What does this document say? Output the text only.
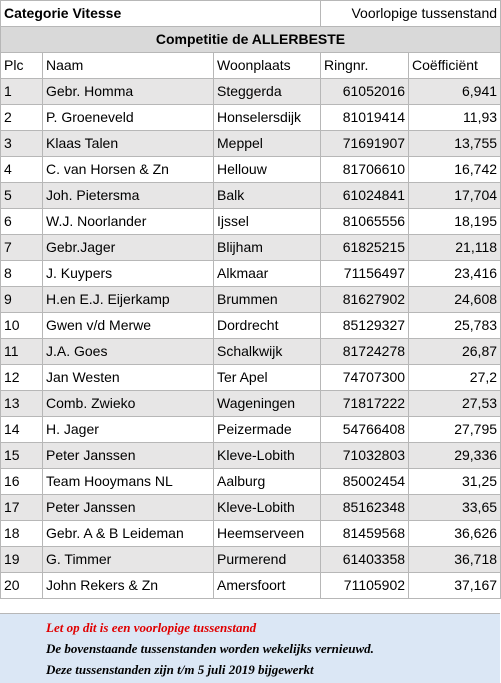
Categorie Vitesse			Voorlopige tussenstand	
Competitie de ALLERBESTE				
Plc	Naam	Woonplaats	Ringnr.	Coëfficiënt
1	Gebr. Homma	Steggerda	61052016	6,941
2	P. Groeneveld	Honselersdijk	81019414	11,93
3	Klaas Talen	Meppel	71691907	13,755
4	C. van Horsen & Zn	Hellouw	81706610	16,742
5	Joh. Pietersma	Balk	61024841	17,704
6	W.J. Noorlander	Ijssel	81065556	18,195
7	Gebr.Jager	Blijham	61825215	21,118
8	J. Kuypers	Alkmaar	71156497	23,416
9	H.en E.J. Eijerkamp	Brummen	81627902	24,608
10	Gwen v/d Merwe	Dordrecht	85129327	25,783
11	J.A. Goes	Schalkwijk	81724278	26,87
12	Jan Westen	Ter Apel	74707300	27,2
13	Comb. Zwieko	Wageningen	71817222	27,53
14	H. Jager	Peizermade	54766408	27,795
15	Peter Janssen	Kleve-Lobith	71032803	29,336
16	Team Hooymans NL	Aalburg	85002454	31,25
17	Peter Janssen	Kleve-Lobith	85162348	33,65
18	Gebr. A & B Leideman	Heemserveen	81459568	36,626
19	G. Timmer	Purmerend	61403358	36,718
20	John Rekers & Zn	Amersfoort	71105902	37,167
Let op dit is een voorlopige tussenstand
De bovenstaande tussenstanden worden wekelijks vernieuwd.
Deze tussenstanden zijn t/m 5 juli 2019 bijgewerkt
